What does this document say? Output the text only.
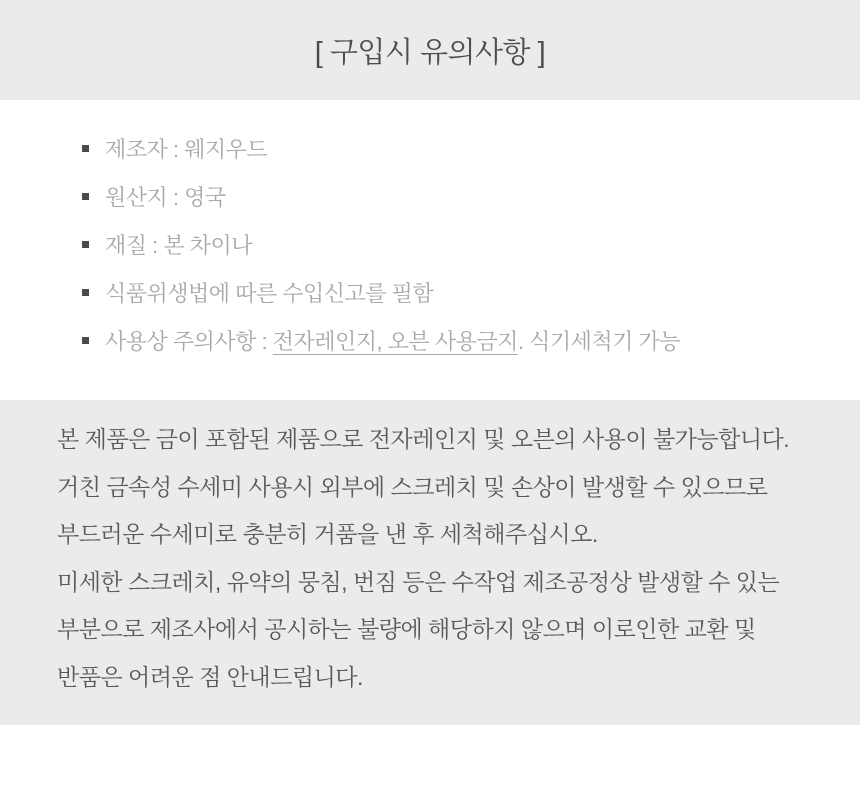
[ 구입시 유의사항 ]
제조자 : 웨지우드
원산지 : 영국
재질 : 본 차이나
식품위생법에 따른 수입신고를 필함
사용상 주의사항 : 전자레인지, 오븐 사용금지. 식기세척기 가능
본 제품은 금이 포함된 제품으로 전자레인지 및 오븐의 사용이 불가능합니다.
거친 금속성 수세미 사용시 외부에 스크레치 및 손상이 발생할 수 있으므로
부드러운 수세미로 충분히 거품을 낸 후 세척해주십시오.
미세한 스크레치, 유약의 뭉침, 번짐 등은 수작업 제조공정상 발생할 수 있는
부분으로 제조사에서 공시하는 불량에 해당하지 않으며 이로인한 교환 및
반품은 어려운 점 안내드립니다.
